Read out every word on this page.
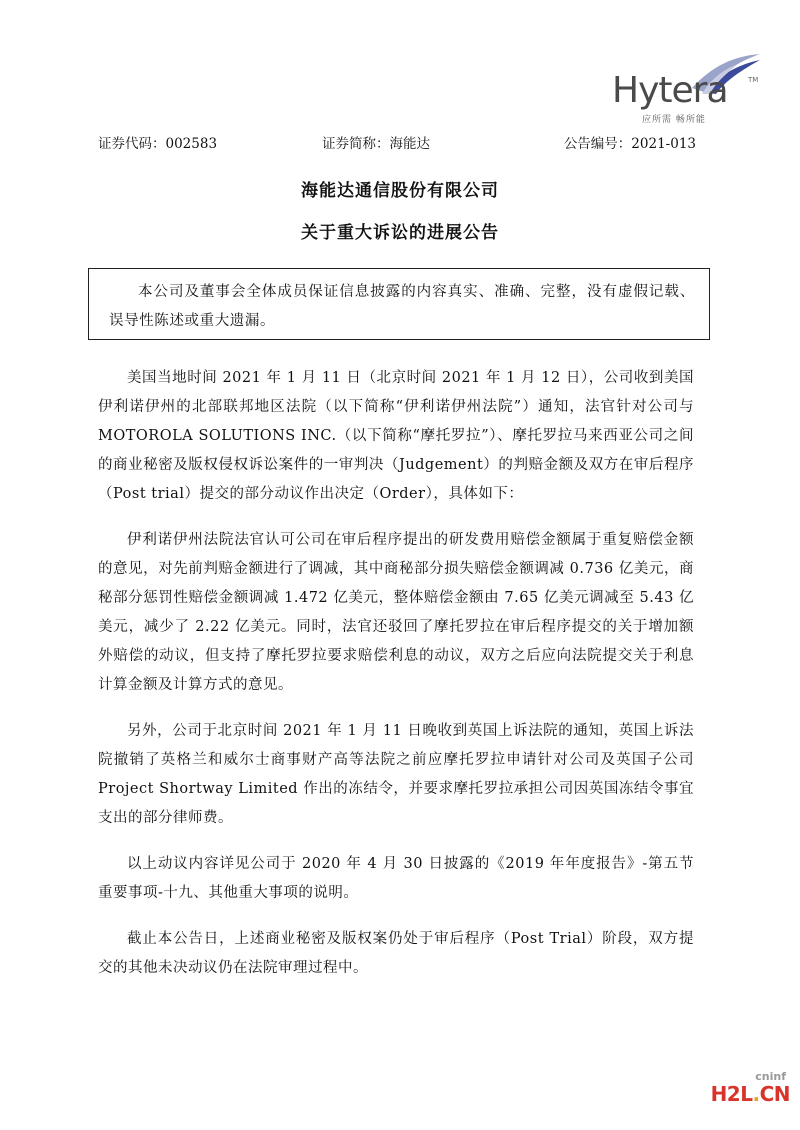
Hytera	TM
应所需 畅所能
证券代码：002583	证券简称：海能达	公告编号：2021-013
海能达通信股份有限公司
关于重大诉讼的进展公告
本公司及董事会全体成员保证信息披露的内容真实、准确、完整，没有虚假记载、误导性陈述或重大遗漏。

美国当地时间 2021 年 1 月 11 日（北京时间 2021 年 1 月 12 日），公司收到美国伊利诺伊州的北部联邦地区法院（以下简称“伊利诺伊州法院”）通知，法官针对公司与 MOTOROLA SOLUTIONS INC.（以下简称“摩托罗拉”）、摩托罗拉马来西亚公司之间的商业秘密及版权侵权诉讼案件的一审判决（Judgement）的判赔金额及双方在审后程序（Post trial）提交的部分动议作出决定（Order），具体如下：

伊利诺伊州法院法官认可公司在审后程序提出的研发费用赔偿金额属于重复赔偿金额的意见，对先前判赔金额进行了调减，其中商秘部分损失赔偿金额调减 0.736 亿美元，商秘部分惩罚性赔偿金额调减 1.472 亿美元，整体赔偿金额由 7.65 亿美元调减至 5.43 亿美元，减少了 2.22 亿美元。同时，法官还驳回了摩托罗拉在审后程序提交的关于增加额外赔偿的动议，但支持了摩托罗拉要求赔偿利息的动议，双方之后应向法院提交关于利息计算金额及计算方式的意见。

另外，公司于北京时间 2021 年 1 月 11 日晚收到英国上诉法院的通知，英国上诉法院撤销了英格兰和威尔士商事财产高等法院之前应摩托罗拉申请针对公司及英国子公司 Project Shortway Limited 作出的冻结令，并要求摩托罗拉承担公司因英国冻结令事宜支出的部分律师费。

以上动议内容详见公司于 2020 年 4 月 30 日披露的《2019 年年度报告》-第五节 重要事项-十九、其他重大事项的说明。

截止本公告日，上述商业秘密及版权案仍处于审后程序（Post Trial）阶段，双方提交的其他未决动议仍在法院审理过程中。

cninf
H2L.CN
